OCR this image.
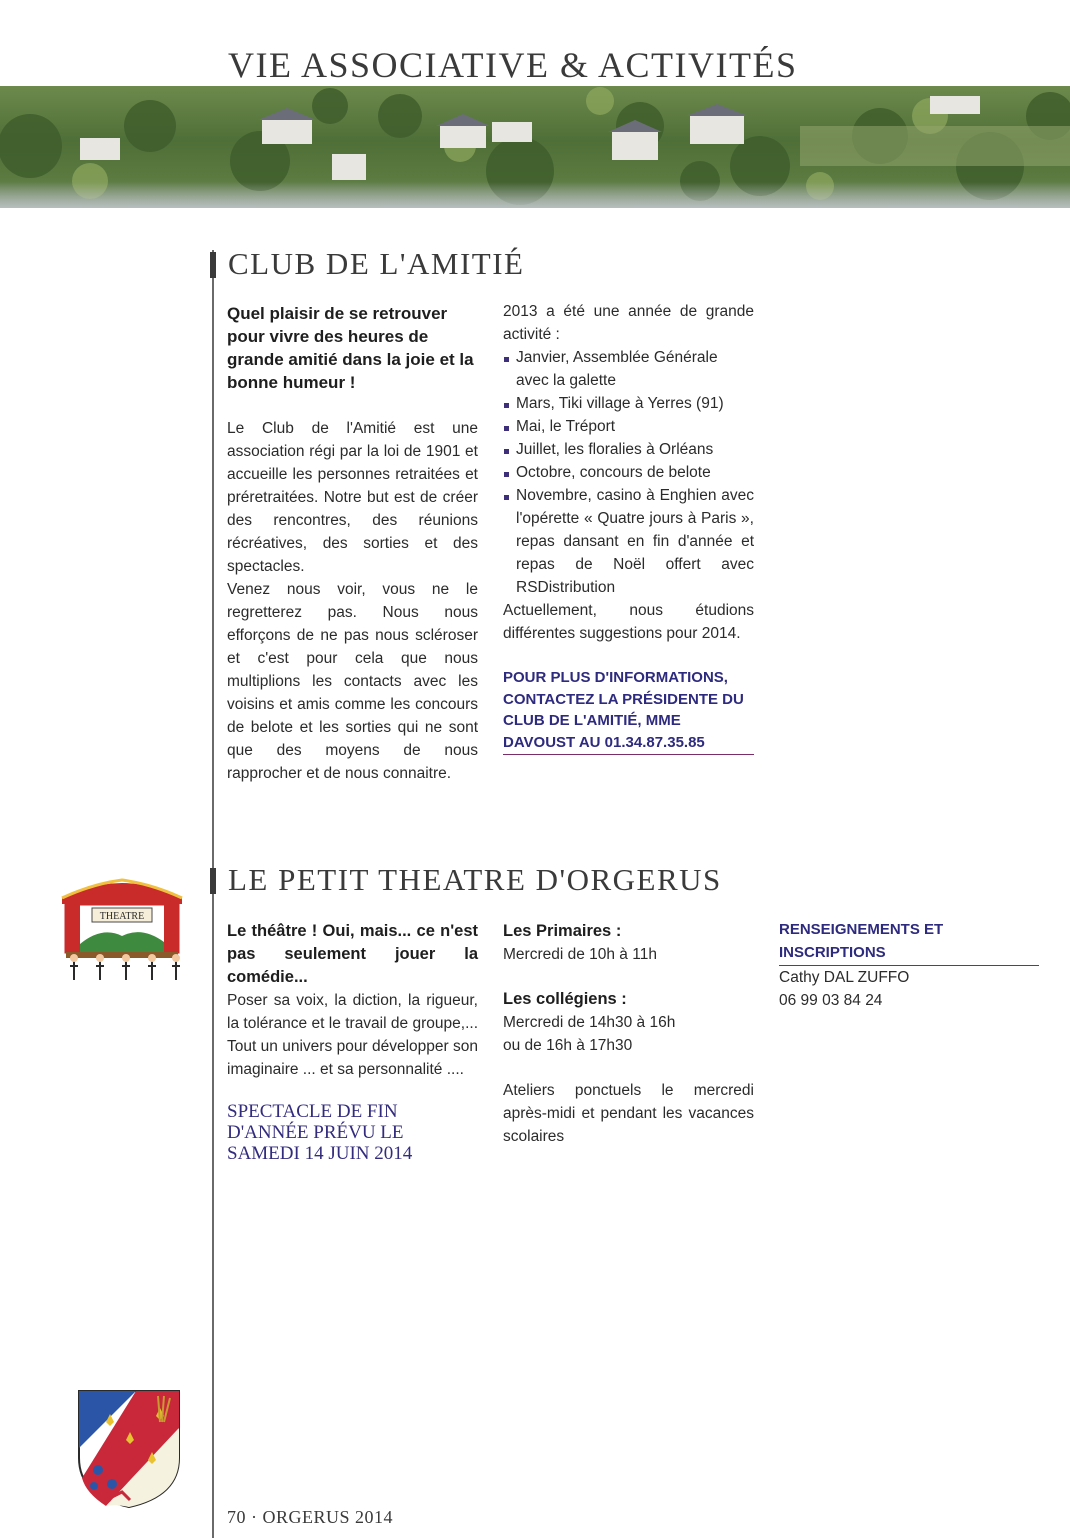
VIE ASSOCIATIVE & ACTIVITÉS
CLUB DE L'AMITIÉ

Quel plaisir de se retrouver pour vivre des heures de grande amitié dans la joie et la bonne humeur !

Le Club de l'Amitié est une association régi par la loi de 1901 et accueille les personnes retraitées et préretraitées. Notre but est de créer des rencontres, des réunions récréatives, des sorties et des spectacles.

Venez nous voir, vous ne le regretterez pas. Nous nous efforçons de ne pas nous scléroser et c'est pour cela que nous multiplions les contacts avec les voisins et amis comme les concours de belote et les sorties qui ne sont que des moyens de nous rapprocher et de nous connaitre.

2013 a été une année de grande activité :

Janvier, Assemblée Générale avec la galette
Mars, Tiki village à Yerres (91)
Mai, le Tréport
Juillet, les floralies à Orléans
Octobre, concours de belote
Novembre, casino à Enghien avec l'opérette « Quatre jours à Paris », repas dansant en fin d'année et repas de Noël offert avec RSDistribution

Actuellement, nous étudions différentes suggestions pour 2014.

POUR PLUS D'INFORMATIONS, CONTACTEZ LA PRÉSIDENTE DU CLUB DE L'AMITIÉ, MME DAVOUST AU 01.34.87.35.85
LE PETIT THEATRE D'ORGERUS
THEATRE

Le théâtre ! Oui, mais... ce n'est pas seulement jouer la comédie...

Poser sa voix, la diction, la rigueur, la tolérance et le travail de groupe,... Tout un univers pour développer son imaginaire ... et sa personnalité ....

SPECTACLE DE FIN D'ANNÉE PRÉVU LE SAMEDI 14 JUIN 2014
Les Primaires :
Mercredi de 10h à 11h
Les collégiens :
Mercredi de 14h30 à 16h
ou de 16h à 17h30

Ateliers ponctuels le mercredi après-midi et pendant les vacances scolaires

RENSEIGNEMENTS ET INSCRIPTIONS
Cathy DAL ZUFFO
06 99 03 84 24
70 · ORGERUS 2014
